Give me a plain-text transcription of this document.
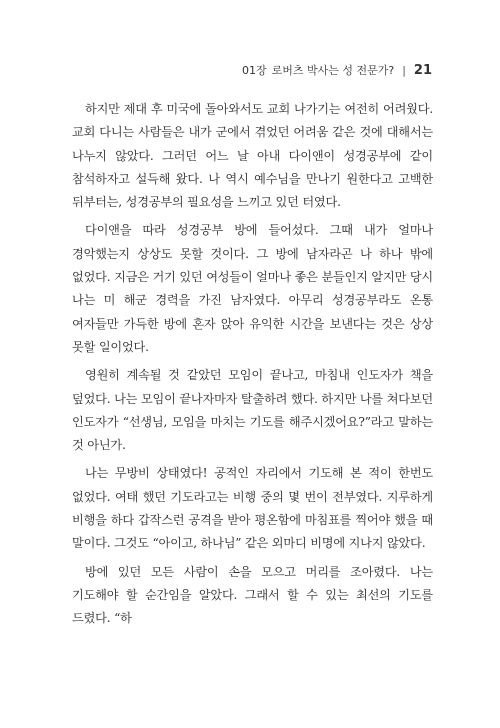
01장 로버츠 박사는 성 전문가? | 21

하지만 제대 후 미국에 돌아와서도 교회 나가기는 여전히 어려웠다. 교회 다니는 사람들은 내가 군에서 겪었던 어려움 같은 것에 대해서는 나누지 않았다. 그러던 어느 날 아내 다이앤이 성경공부에 같이 참석하자고 설득해 왔다. 나 역시 예수님을 만나기 원한다고 고백한 뒤부터는, 성경공부의 필요성을 느끼고 있던 터였다.

다이앤을 따라 성경공부 방에 들어섰다. 그때 내가 얼마나 경악했는지 상상도 못할 것이다. 그 방에 남자라곤 나 하나 밖에 없었다. 지금은 거기 있던 여성들이 얼마나 좋은 분들인지 알지만 당시 나는 미 해군 경력을 가진 남자였다. 아무리 성경공부라도 온통 여자들만 가득한 방에 혼자 앉아 유익한 시간을 보낸다는 것은 상상 못할 일이었다.

영원히 계속될 것 같았던 모임이 끝나고, 마침내 인도자가 책을 덮었다. 나는 모임이 끝나자마자 탈출하려 했다. 하지만 나를 쳐다보던 인도자가 “선생님, 모임을 마치는 기도를 해주시겠어요?”라고 말하는 것 아닌가.

나는 무방비 상태였다! 공적인 자리에서 기도해 본 적이 한번도 없었다. 여태 했던 기도라고는 비행 중의 몇 번이 전부였다. 지루하게 비행을 하다 갑작스런 공격을 받아 평온함에 마침표를 찍어야 했을 때 말이다. 그것도 “아이고, 하나님” 같은 외마디 비명에 지나지 않았다.

방에 있던 모든 사람이 손을 모으고 머리를 조아렸다. 나는 기도해야 할 순간임을 알았다. 그래서 할 수 있는 최선의 기도를 드렸다. “하
